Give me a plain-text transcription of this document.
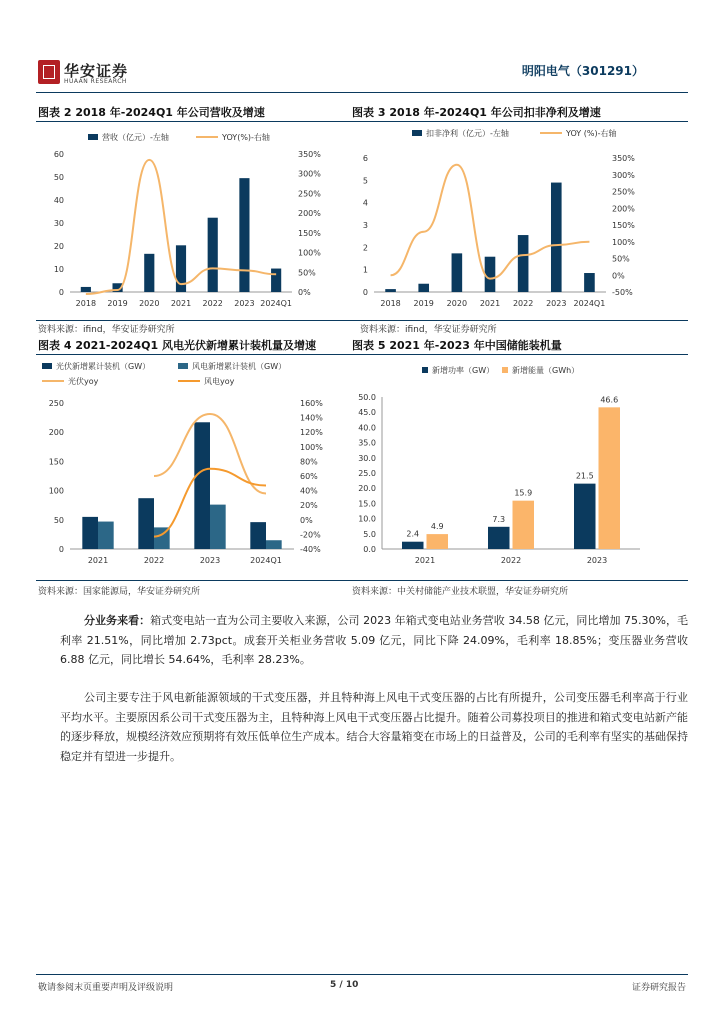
华安证券
HUAAN RESEARCH
明阳电气（301291）
图表 2 2018 年-2024Q1 年公司营收及增速	图表 3 2018 年-2024Q1 年公司扣非净利及增速
0
10
20
30
40
50
60
0%
50%
100%
150%
200%
250%
300%
350%
2018 2019 2020 2021 2022 2023 2024Q1
营收（亿元）-左轴	YOY(%)-右轴
0
1
2
3
4
5
6
-50%
0%
50%
100%
150%
200%
250%
300%
350%
2018 2019 2020 2021 2022 2023 2024Q1
扣非净利（亿元）-左轴	YOY (%)-右轴
资料来源：ifind，华安证券研究所	资料来源：ifind，华安证券研究所
图表 4 2021-2024Q1 风电光伏新增累计装机量及增速	图表 5 2021 年-2023 年中国储能装机量
0
50
100
150
200
250
-40%
-20%
0%
20%
40%
60%
80%
100%
120%
140%
160%
2021	2022	2023	2024Q1
光伏新增累计装机（GW）	风电新增累计装机（GW）
光伏yoy	风电yoy
0.0
5.0
10.0
15.0
20.0
25.0
30.0
35.0
40.0
45.0
50.0
2021	2022	2023
2.4
7.3
21.5
4.9
15.9
46.6
新增功率（GW） 新增能量（GWh）
资料来源：国家能源局，华安证券研究所	资料来源：中关村储能产业技术联盟，华安证券研究所
分业务来看：箱式变电站一直为公司主要收入来源，公司 2023 年箱式变电站业务营收 34.58 亿元，同比增加 75.30%，毛利率 21.51%，同比增加 2.73pct。成套开关柜业务营收 5.09 亿元，同比下降 24.09%，毛利率 18.85%；变压器业务营收 6.88 亿元，同比增长 54.64%，毛利率 28.23%。
公司主要专注于风电新能源领域的干式变压器，并且特种海上风电干式变压器的占比有所提升，公司变压器毛利率高于行业平均水平。主要原因系公司干式变压器为主，且特种海上风电干式变压器占比提升。随着公司募投项目的推进和箱式变电站新产能的逐步释放，规模经济效应预期将有效压低单位生产成本。结合大容量箱变在市场上的日益普及，公司的毛利率有坚实的基础保持稳定并有望进一步提升。
敬请参阅末页重要声明及评级说明	5 / 10	证券研究报告
